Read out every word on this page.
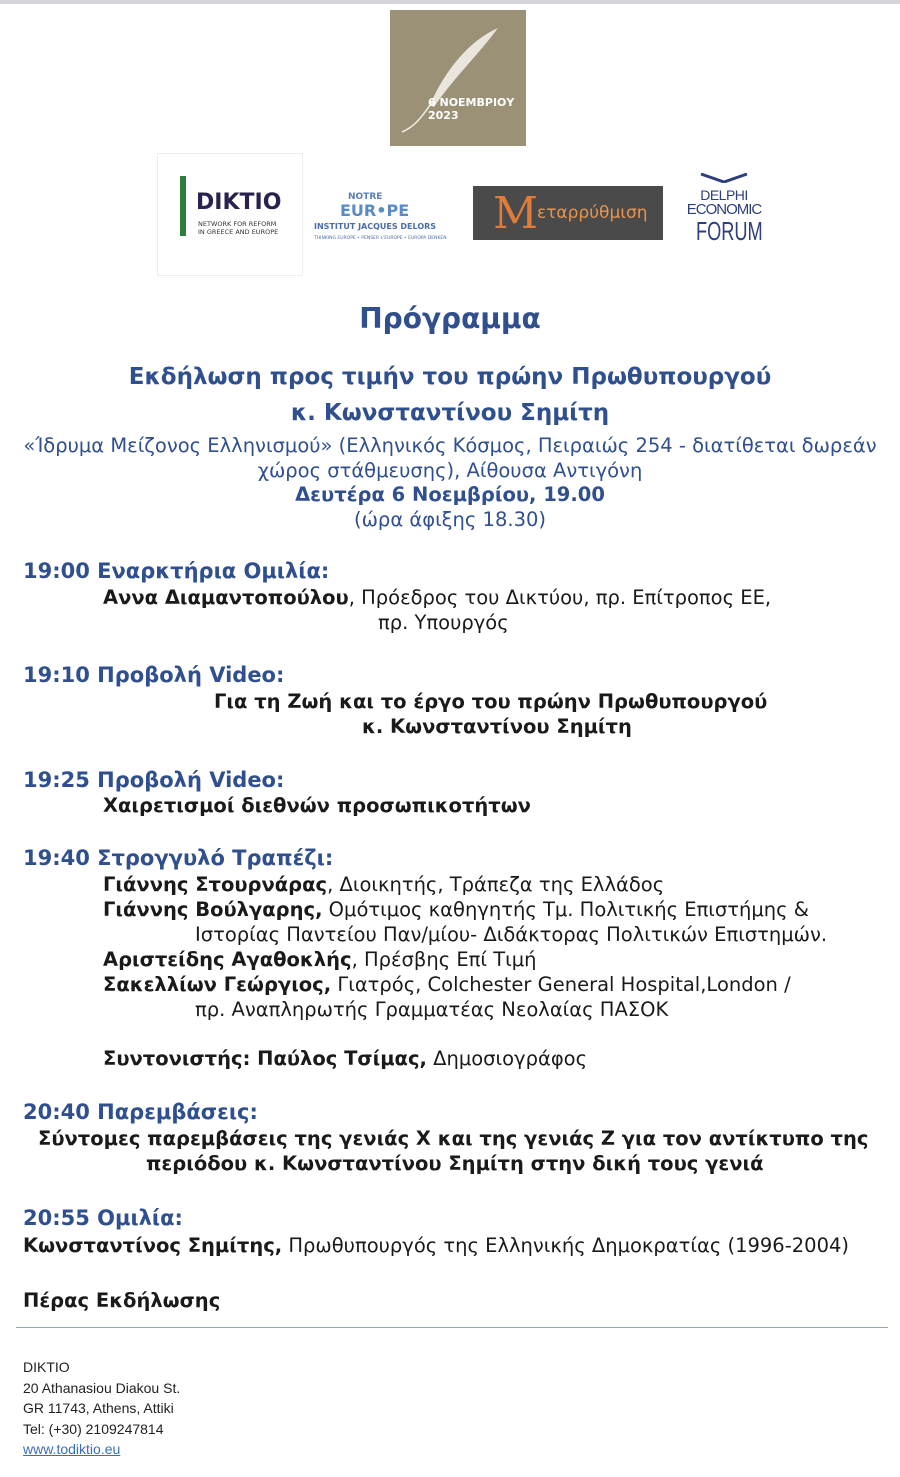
6 ΝΟΕΜΒΡΙΟΥ
2023
DIKTIO
NETWORK FOR REFORM
IN GREECE AND EUROPE
NOTRE
EUR•PE
INSTITUT JACQUES DELORS
THINKING EUROPE • PENSER L'EUROPE • EUROPA DENKEN M
εταρρύθμιση
DELPHI
ECONOMIC
FORUM
Πρόγραμμα
Εκδήλωση προς τιμήν του πρώην Πρωθυπουργού
κ. Κωνσταντίνου Σημίτη
«Ίδρυμα Μείζονος Ελληνισμού» (Ελληνικός Κόσμος, Πειραιώς 254 - διατίθεται δωρεάν
χώρος στάθμευσης), Αίθουσα Αντιγόνη
Δευτέρα 6 Νοεμβρίου, 19.00
(ώρα άφιξης 18.30)
19:00 Εναρκτήρια Ομιλία:
Αννα Διαμαντοπούλου, Πρόεδρος του Δικτύου, πρ. Επίτροπος ΕΕ,
πρ. Υπουργός
19:10 Προβολή Video:
Για τη Ζωή και το έργο του πρώην Πρωθυπουργού
κ. Κωνσταντίνου Σημίτη
19:25 Προβολή Video:
Χαιρετισμοί διεθνών προσωπικοτήτων
19:40 Στρογγυλό Τραπέζι:
Γιάννης Στουρνάρας, Διοικητής, Τράπεζα της Ελλάδος
Γιάννης Βούλγαρης, Ομότιμος καθηγητής Τμ. Πολιτικής Επιστήμης &
Ιστορίας Παντείου Παν/μίου- Διδάκτορας Πολιτικών Επιστημών.
Αριστείδης Αγαθοκλής, Πρέσβης Επί Τιμή
Σακελλίων Γεώργιος, Γιατρός, Colchester General Hospital,London /
πρ. Αναπληρωτής Γραμματέας Νεολαίας ΠΑΣΟΚ
Συντονιστής: Παύλος Τσίμας, Δημοσιογράφος
20:40 Παρεμβάσεις:
Σύντομες παρεμβάσεις της γενιάς Χ και της γενιάς Ζ για τον αντίκτυπο της
περιόδου κ. Κωνσταντίνου Σημίτη στην δική τους γενιά
20:55 Ομιλία:
Κωνσταντίνος Σημίτης, Πρωθυπουργός της Ελληνικής Δημοκρατίας (1996-2004)
Πέρας Εκδήλωσης
DIKTIO
20 Athanasiou Diakou St.
GR 11743, Athens, Attiki
Tel: (+30) 2109247814
www.todiktio.eu
